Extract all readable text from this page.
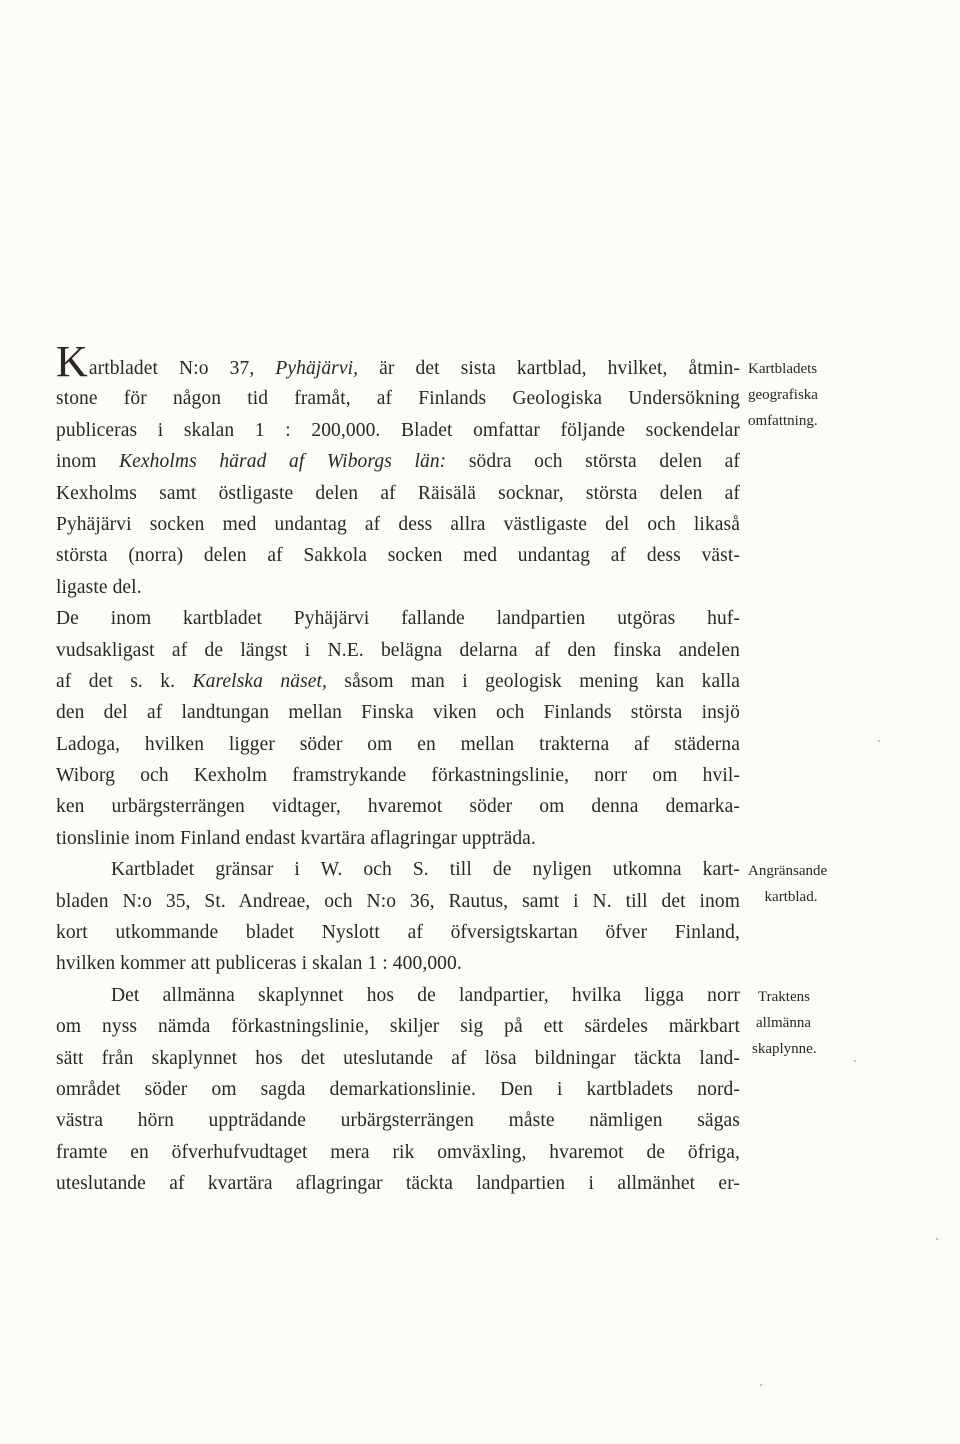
Kartbladet N:o 37, Pyhäjärvi, är det sista kartblad, hvilket, åtmin-
stone för någon tid framåt, af Finlands Geologiska Undersökning
publiceras i skalan 1 : 200,000. Bladet omfattar följande sockendelar
inom Kexholms härad af Wiborgs län: södra och största delen af
Kexholms samt östligaste delen af Räisälä socknar, största delen af
Pyhäjärvi socken med undantag af dess allra västligaste del och likaså
största (norra) delen af Sakkola socken med undantag af dess väst-
ligaste del.
De inom kartbladet Pyhäjärvi fallande landpartien utgöras huf-
vudsakligast af de längst i N.E. belägna delarna af den finska andelen
af det s. k. Karelska näset, såsom man i geologisk mening kan kalla
den del af landtungan mellan Finska viken och Finlands största insjö
Ladoga, hvilken ligger söder om en mellan trakterna af städerna
Wiborg och Kexholm framstrykande förkastningslinie, norr om hvil-
ken urbärgsterrängen vidtager, hvaremot söder om denna demarka-
tionslinie inom Finland endast kvartära aflagringar uppträda.
Kartbladet gränsar i W. och S. till de nyligen utkomna kart-
bladen N:o 35, St. Andreae, och N:o 36, Rautus, samt i N. till det inom
kort utkommande bladet Nyslott af öfversigtskartan öfver Finland,
hvilken kommer att publiceras i skalan 1 : 400,000.
Det allmänna skaplynnet hos de landpartier, hvilka ligga norr
om nyss nämda förkastningslinie, skiljer sig på ett särdeles märkbart
sätt från skaplynnet hos det uteslutande af lösa bildningar täckta land-
området söder om sagda demarkationslinie. Den i kartbladets nord-
västra hörn uppträdande urbärgsterrängen måste nämligen sägas
framte en öfverhufvudtaget mera rik omväxling, hvaremot de öfriga,
uteslutande af kvartära aflagringar täckta landpartien i allmänhet er-
Kartbladets
geografiska
omfattning.
Angränsande
kartblad.
Traktens
allmänna
skaplynne.
